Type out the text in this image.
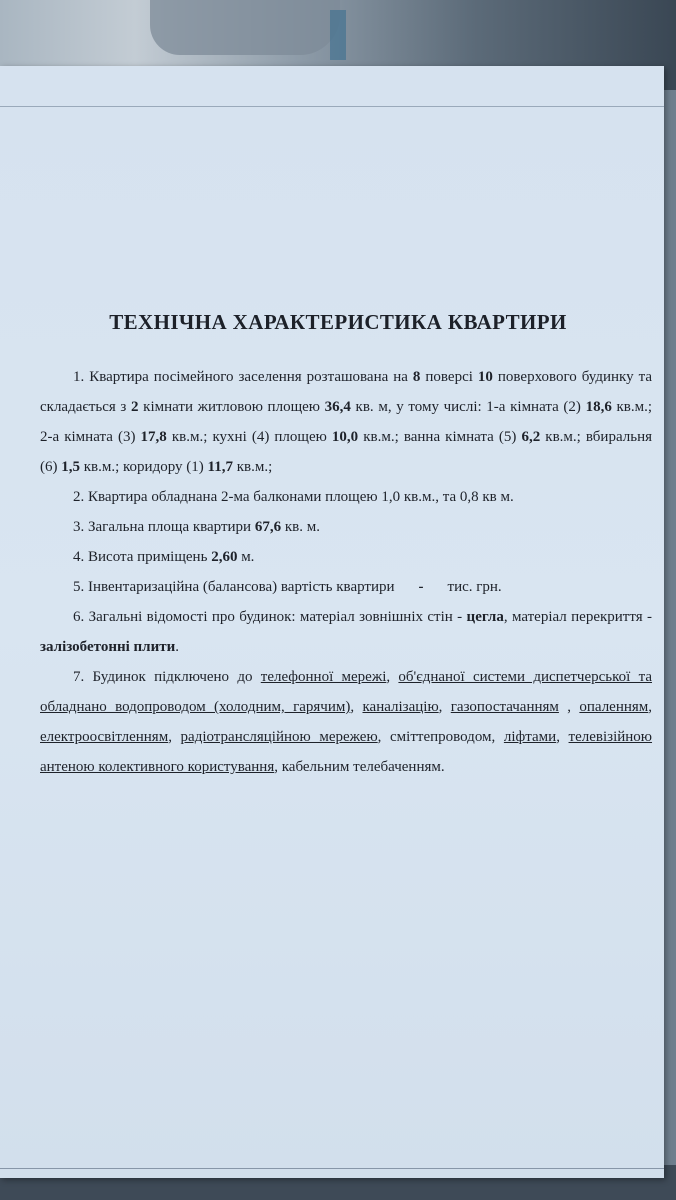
ТЕХНІЧНА ХАРАКТЕРИСТИКА КВАРТИРИ

1. Квартира посімейного заселення розташована на 8 поверсі 10 поверхового будинку та складається з 2 кімнати житловою площею 36,4 кв. м, у тому числі: 1-а кімната (2) 18,6 кв.м.; 2-а кімната (3) 17,8 кв.м.; кухні (4) площею 10,0 кв.м.; ванна кімната (5) 6,2 кв.м.; вбиральня (6) 1,5 кв.м.; коридору (1) 11,7 кв.м.;

2. Квартира обладнана 2-ма балконами площею 1,0 кв.м., та 0,8 кв м.

3. Загальна площа квартири 67,6 кв. м.

4. Висота приміщень 2,60 м.

5. Інвентаризаційна (балансова) вартість квартири - тис. грн.

6. Загальні відомості про будинок: матеріал зовнішніх стін - цегла, матеріал перекриття - залізобетонні плити.

7. Будинок підключено до телефонної мережі, об'єднаної системи диспетчерської та обладнано водопроводом (холодним, гарячим), каналізацію, газопостачанням , опаленням, електроосвітленням, радіотрансляційною мережею, сміттепроводом, ліфтами, телевізійною антеною колективного користування, кабельним телебаченням.
